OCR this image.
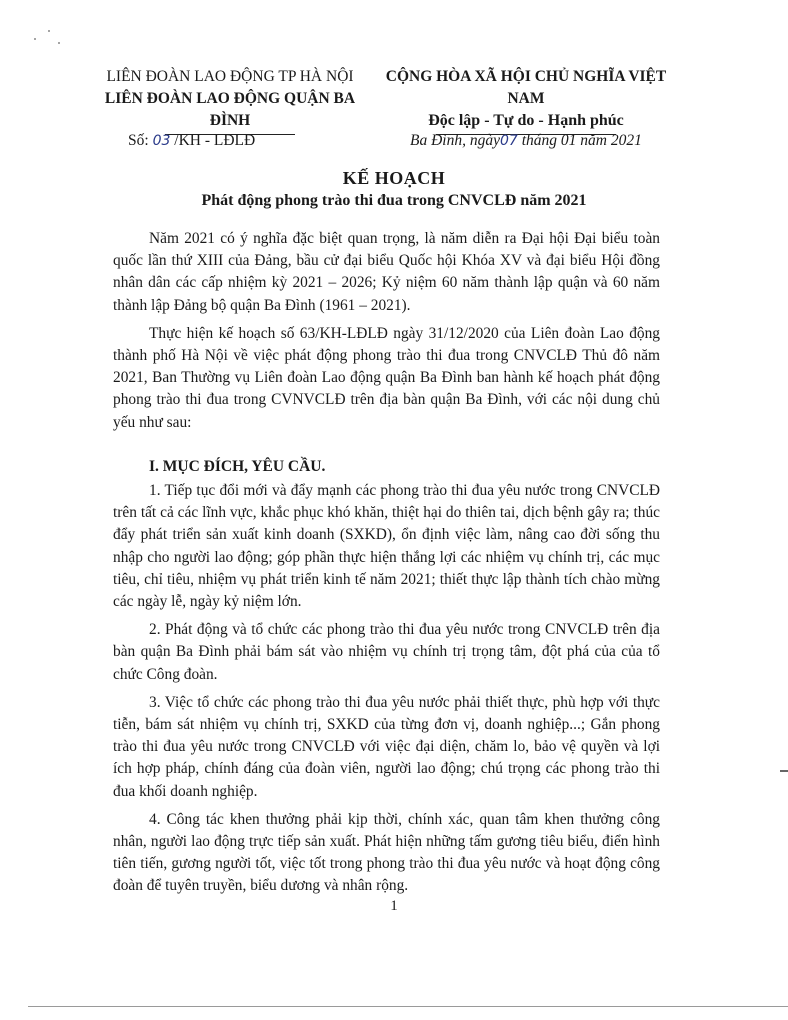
LIÊN ĐOÀN LAO ĐỘNG TP HÀ NỘI
LIÊN ĐOÀN LAO ĐỘNG QUẬN BA ĐÌNH
CỘNG HÒA XÃ HỘI CHỦ NGHĨA VIỆT NAM
Độc lập - Tự do - Hạnh phúc
Số: 03 /KH - LĐLĐ	Ba Đình, ngày07 tháng 01 năm 2021
KẾ HOẠCH
Phát động phong trào thi đua trong CNVCLĐ năm 2021

Năm 2021 có ý nghĩa đặc biệt quan trọng, là năm diễn ra Đại hội Đại biểu toàn quốc lần thứ XIII của Đảng, bầu cử đại biểu Quốc hội Khóa XV và đại biểu Hội đồng nhân dân các cấp nhiệm kỳ 2021 – 2026; Kỷ niệm 60 năm thành lập quận và 60 năm thành lập Đảng bộ quận Ba Đình (1961 – 2021).

Thực hiện kế hoạch số 63/KH-LĐLĐ ngày 31/12/2020 của Liên đoàn Lao động thành phố Hà Nội về việc phát động phong trào thi đua trong CNVCLĐ Thủ đô năm 2021, Ban Thường vụ Liên đoàn Lao động quận Ba Đình ban hành kế hoạch phát động phong trào thi đua trong CVNVCLĐ trên địa bàn quận Ba Đình, với các nội dung chủ yếu như sau:

I. MỤC ĐÍCH, YÊU CẦU.

1. Tiếp tục đổi mới và đẩy mạnh các phong trào thi đua yêu nước trong CNVCLĐ trên tất cả các lĩnh vực, khắc phục khó khăn, thiệt hại do thiên tai, dịch bệnh gây ra; thúc đẩy phát triển sản xuất kinh doanh (SXKD), ổn định việc làm, nâng cao đời sống thu nhập cho người lao động; góp phần thực hiện thắng lợi các nhiệm vụ chính trị, các mục tiêu, chỉ tiêu, nhiệm vụ phát triển kinh tế năm 2021; thiết thực lập thành tích chào mừng các ngày lễ, ngày kỷ niệm lớn.

2. Phát động và tổ chức các phong trào thi đua yêu nước trong CNVCLĐ trên địa bàn quận Ba Đình phải bám sát vào nhiệm vụ chính trị trọng tâm, đột phá của của tổ chức Công đoàn.

3. Việc tổ chức các phong trào thi đua yêu nước phải thiết thực, phù hợp với thực tiễn, bám sát nhiệm vụ chính trị, SXKD của từng đơn vị, doanh nghiệp...; Gắn phong trào thi đua yêu nước trong CNVCLĐ với việc đại diện, chăm lo, bảo vệ quyền và lợi ích hợp pháp, chính đáng của đoàn viên, người lao động; chú trọng các phong trào thi đua khối doanh nghiệp.

4. Công tác khen thưởng phải kịp thời, chính xác, quan tâm khen thưởng công nhân, người lao động trực tiếp sản xuất. Phát hiện những tấm gương tiêu biểu, điển hình tiên tiến, gương người tốt, việc tốt trong phong trào thi đua yêu nước và hoạt động công đoàn để tuyên truyền, biểu dương và nhân rộng.

1
